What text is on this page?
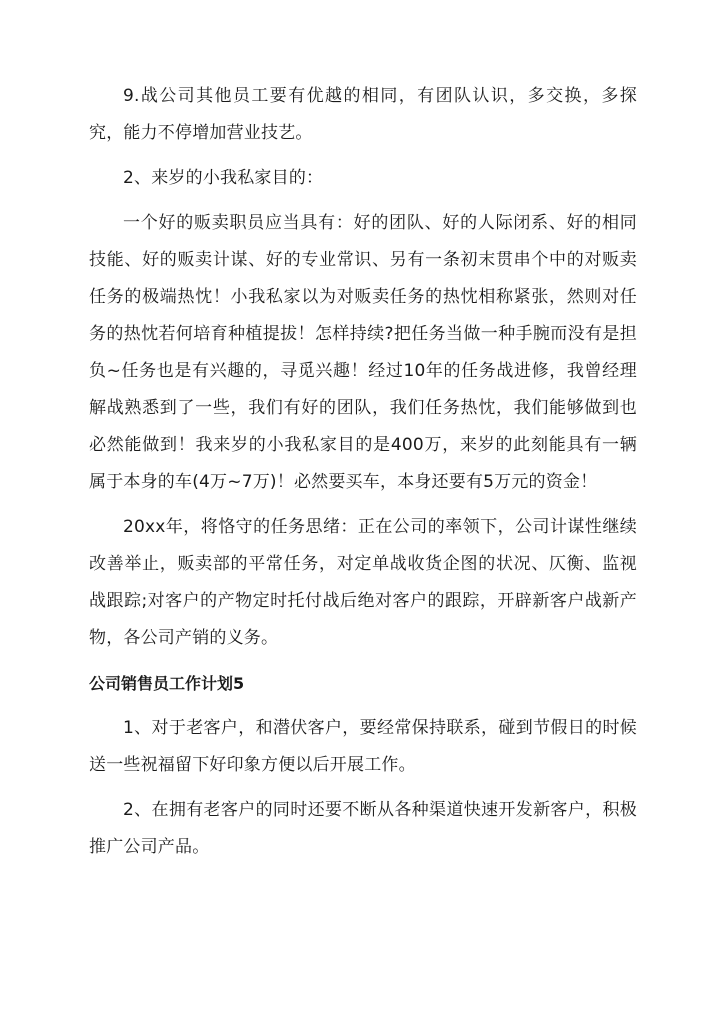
9.战公司其他员工要有优越的相同，有团队认识，多交换，多探究，能力不停增加营业技艺。

2、来岁的小我私家目的：

一个好的贩卖职员应当具有：好的团队、好的人际闭系、好的相同技能、好的贩卖计谋、好的专业常识、另有一条初末贯串个中的对贩卖任务的极端热忱！小我私家以为对贩卖任务的热忱相称紧张，然则对任务的热忱若何培育种植提拔！怎样持续?把任务当做一种手腕而没有是担负~任务也是有兴趣的，寻觅兴趣！经过10年的任务战进修，我曾经理解战熟悉到了一些，我们有好的团队，我们任务热忱，我们能够做到也必然能做到！我来岁的小我私家目的是400万，来岁的此刻能具有一辆属于本身的车(4万~7万)！必然要买车，本身还要有5万元的资金！

20xx年，将恪守的任务思绪：正在公司的率领下，公司计谋性继续改善举止，贩卖部的平常任务，对定单战收货企图的状况、仄衡、监视战跟踪;对客户的产物定时托付战后绝对客户的跟踪，开辟新客户战新产物，各公司产销的义务。

公司销售员工作计划5

1、对于老客户，和潜伏客户，要经常保持联系，碰到节假日的时候送一些祝福留下好印象方便以后开展工作。

2、在拥有老客户的同时还要不断从各种渠道快速开发新客户，积极推广公司产品。
